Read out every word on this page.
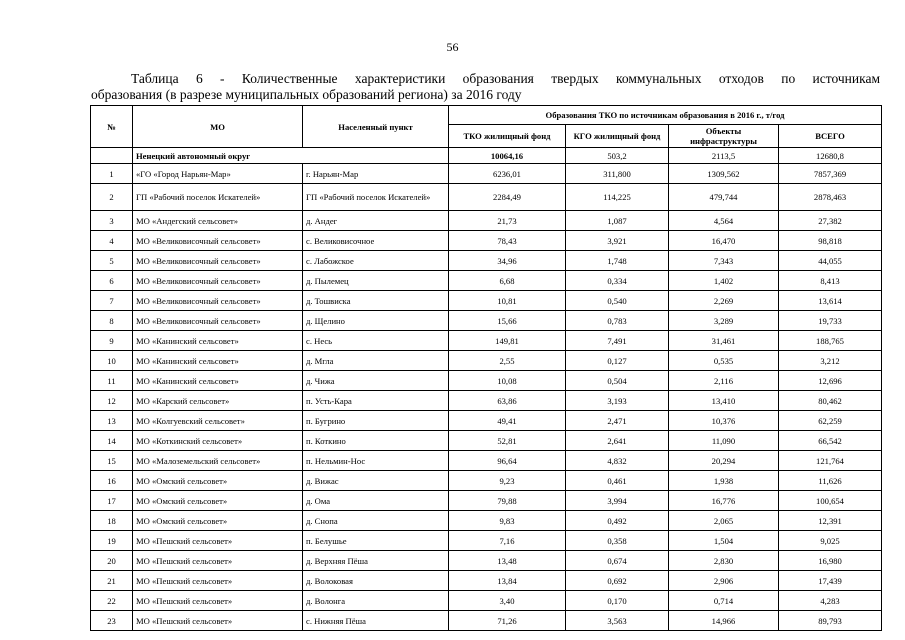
56
Таблица 6 - Количественные характеристики образования твердых коммунальных отходов по источникам
образования (в разрезе муниципальных образований региона) за 2016 году
№	МО	Населенный пункт	Образования ТКО по источникам образования в 2016 г., т/год			
			ТКО жилищный фонд	КГО жилищный фонд	Объекты инфраструктуры	ВСЕГО
	Ненецкий автономный округ		10064,16	503,2	2113,5	12680,8
1	«ГО «Город Нарьян-Мар»	г. Нарьян-Мар	6236,01	311,800	1309,562	7857,369
2	ГП «Рабочий поселок Искателей»	ГП «Рабочий поселок Искателей»	2284,49	114,225	479,744	2878,463
3	МО «Андегский сельсовет»	д. Андег	21,73	1,087	4,564	27,382
4	МО «Великовисочный сельсовет»	с. Великовисочное	78,43	3,921	16,470	98,818
5	МО «Великовисочный сельсовет»	с. Лабожское	34,96	1,748	7,343	44,055
6	МО «Великовисочный сельсовет»	д. Пылемец	6,68	0,334	1,402	8,413
7	МО «Великовисочный сельсовет»	д. Тошвиска	10,81	0,540	2,269	13,614
8	МО «Великовисочный сельсовет»	д. Щелино	15,66	0,783	3,289	19,733
9	МО «Канинский сельсовет»	с. Несь	149,81	7,491	31,461	188,765
10	МО «Канинский сельсовет»	д. Мгла	2,55	0,127	0,535	3,212
11	МО «Канинский сельсовет»	д. Чижа	10,08	0,504	2,116	12,696
12	МО «Карский сельсовет»	п. Усть-Кара	63,86	3,193	13,410	80,462
13	МО «Колгуевский сельсовет»	п. Бугрино	49,41	2,471	10,376	62,259
14	МО «Коткинский сельсовет»	п. Коткино	52,81	2,641	11,090	66,542
15	МО «Малоземельский сельсовет»	п. Нельмин-Нос	96,64	4,832	20,294	121,764
16	МО «Омский сельсовет»	д. Вижас	9,23	0,461	1,938	11,626
17	МО «Омский сельсовет»	д. Ома	79,88	3,994	16,776	100,654
18	МО «Омский сельсовет»	д. Снопа	9,83	0,492	2,065	12,391
19	МО «Пешский сельсовет»	п. Белушье	7,16	0,358	1,504	9,025
20	МО «Пешский сельсовет»	д. Верхняя Пёша	13,48	0,674	2,830	16,980
21	МО «Пешский сельсовет»	д. Волоковая	13,84	0,692	2,906	17,439
22	МО «Пешский сельсовет»	д. Волонга	3,40	0,170	0,714	4,283
23	МО «Пешский сельсовет»	с. Нижняя Пёша	71,26	3,563	14,966	89,793
